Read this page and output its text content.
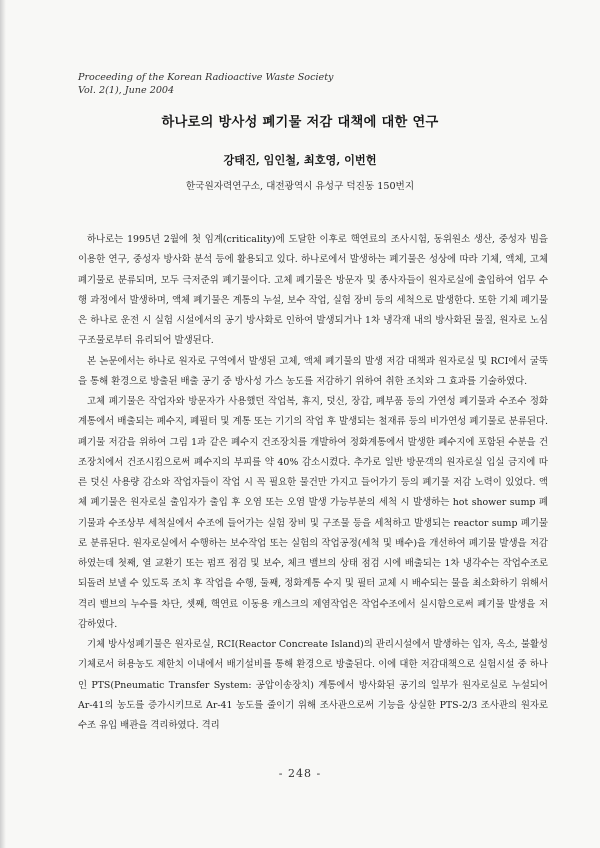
Proceeding of the Korean Radioactive Waste Society
Vol. 2(1), June 2004
하나로의 방사성 폐기물 저감 대책에 대한 연구
강태진, 임인철, 최호영, 이번헌
한국원자력연구소, 대전광역시 유성구 덕진동 150번지

하나로는 1995년 2월에 첫 임계(criticality)에 도달한 이후로 핵연료의 조사시험, 동위원소 생산, 중성자 빔을 이용한 연구, 중성자 방사화 분석 등에 활용되고 있다. 하나로에서 발생하는 폐기물은 성상에 따라 기체, 액체, 고체 폐기물로 분류되며, 모두 극저준위 폐기물이다. 고체 폐기물은 방문자 및 종사자들이 원자로실에 출입하여 업무 수행 과정에서 발생하며, 액체 폐기물은 계통의 누설, 보수 작업, 실험 장비 등의 세척으로 발생한다. 또한 기체 폐기물은 하나로 운전 시 실험 시설에서의 공기 방사화로 인하여 발생되거나 1차 냉각재 내의 방사화된 물질, 원자로 노심 구조물로부터 유리되어 발생된다.

본 논문에서는 하나로 원자로 구역에서 발생된 고체, 액체 폐기물의 발생 저감 대책과 원자로실 및 RCI에서 굴뚝을 통해 환경으로 방출된 배출 공기 중 방사성 가스 농도를 저감하기 위하여 취한 조치와 그 효과를 기술하였다.

고체 폐기물은 작업자와 방문자가 사용했던 작업복, 휴지, 덧신, 장갑, 폐부품 등의 가연성 폐기물과 수조수 정화 계통에서 배출되는 폐수지, 폐필터 및 계통 또는 기기의 작업 후 발생되는 철재류 등의 비가연성 폐기물로 분류된다. 폐기물 저감을 위하여 그림 1과 같은 폐수지 건조장치를 개발하여 정화계통에서 발생한 폐수지에 포함된 수분을 건조장치에서 건조시킴으로써 폐수지의 부피를 약 40% 감소시켰다. 추가로 일반 방문객의 원자로실 입실 금지에 따른 덧신 사용량 감소와 작업자들이 작업 시 꼭 필요한 물건만 가지고 들어가기 등의 폐기물 저감 노력이 있었다. 액체 폐기물은 원자로실 출입자가 출입 후 오염 또는 오염 발생 가능부분의 세척 시 발생하는 hot shower sump 폐기물과 수조상부 세척실에서 수조에 들어가는 실험 장비 및 구조물 등을 세척하고 발생되는 reactor sump 폐기물로 분류된다. 원자로실에서 수행하는 보수작업 또는 실험의 작업공정(세척 및 배수)을 개선하여 폐기물 발생을 저감하였는데 첫째, 열 교환기 또는 펌프 점검 및 보수, 체크 밸브의 상태 점검 시에 배출되는 1차 냉각수는 작업수조로 되돌려 보낼 수 있도록 조치 후 작업을 수행, 둘째, 정화계통 수지 및 필터 교체 시 배수되는 물을 최소화하기 위해서 격리 밸브의 누수를 차단, 셋째, 핵연료 이동용 캐스크의 제염작업은 작업수조에서 실시함으로써 폐기물 발생을 저감하였다.

기체 방사성폐기물은 원자로실, RCI(Reactor Concreate Island)의 관리시설에서 발생하는 입자, 옥소, 불활성 기체로서 허용농도 제한치 이내에서 배기설비를 통해 환경으로 방출된다. 이에 대한 저감대책으로 실험시설 중 하나인 PTS(Pneumatic Transfer System: 공압이송장치) 계통에서 방사화된 공기의 일부가 원자로실로 누설되어 Ar-41의 농도를 증가시키므로 Ar-41 농도를 줄이기 위해 조사관으로써 기능을 상실한 PTS-2/3 조사관의 원자로 수조 유입 배관을 격리하였다. 격리

- 248 -
